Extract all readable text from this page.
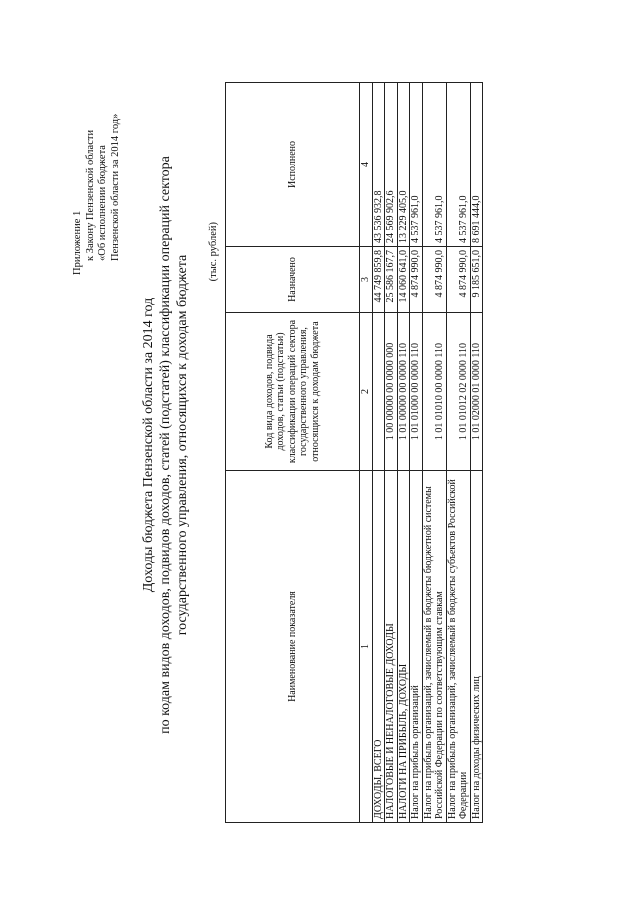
Приложение 1 к Закону Пензенской области «Об исполнении бюджета Пензенской области за 2014 год»
Доходы бюджета Пензенской области за 2014 год по кодам видов доходов, подвидов доходов, статей (подстатей) классификации операций сектора государственного управления, относящихся к доходам бюджета
(тыс. рублей)
Наименование показателя	Код вида доходов, подвида доходов, статьи (подстатьи) классификации операций сектора государственного управления, относящихся к доходам бюджета	Назначено	Исполнено
1	2	3	4
ДОХОДЫ, ВСЕГО		44 749 859,8	43 536 932,8
НАЛОГОВЫЕ И НЕНАЛОГОВЫЕ ДОХОДЫ	1 00 00000 00 0000 000	25 586 167,7	24 569 902,6
НАЛОГИ НА ПРИБЫЛЬ, ДОХОДЫ	1 01 00000 00 0000 110	14 060 641,0	13 229 405,0
Налог на прибыль организаций	1 01 01000 00 0000 110	4 874 990,0	4 537 961,0
Налог на прибыль организаций, зачисляемый в бюджеты бюджетной системы Российской Федерации по соответствующим ставкам	1 01 01010 00 0000 110	4 874 990,0	4 537 961,0
Налог на прибыль организаций, зачисляемый в бюджеты субъектов Российской Федерации	1 01 01012 02 0000 110	4 874 990,0	4 537 961,0
Налог на доходы физических лиц	1 01 02000 01 0000 110	9 185 651,0	8 691 444,0
